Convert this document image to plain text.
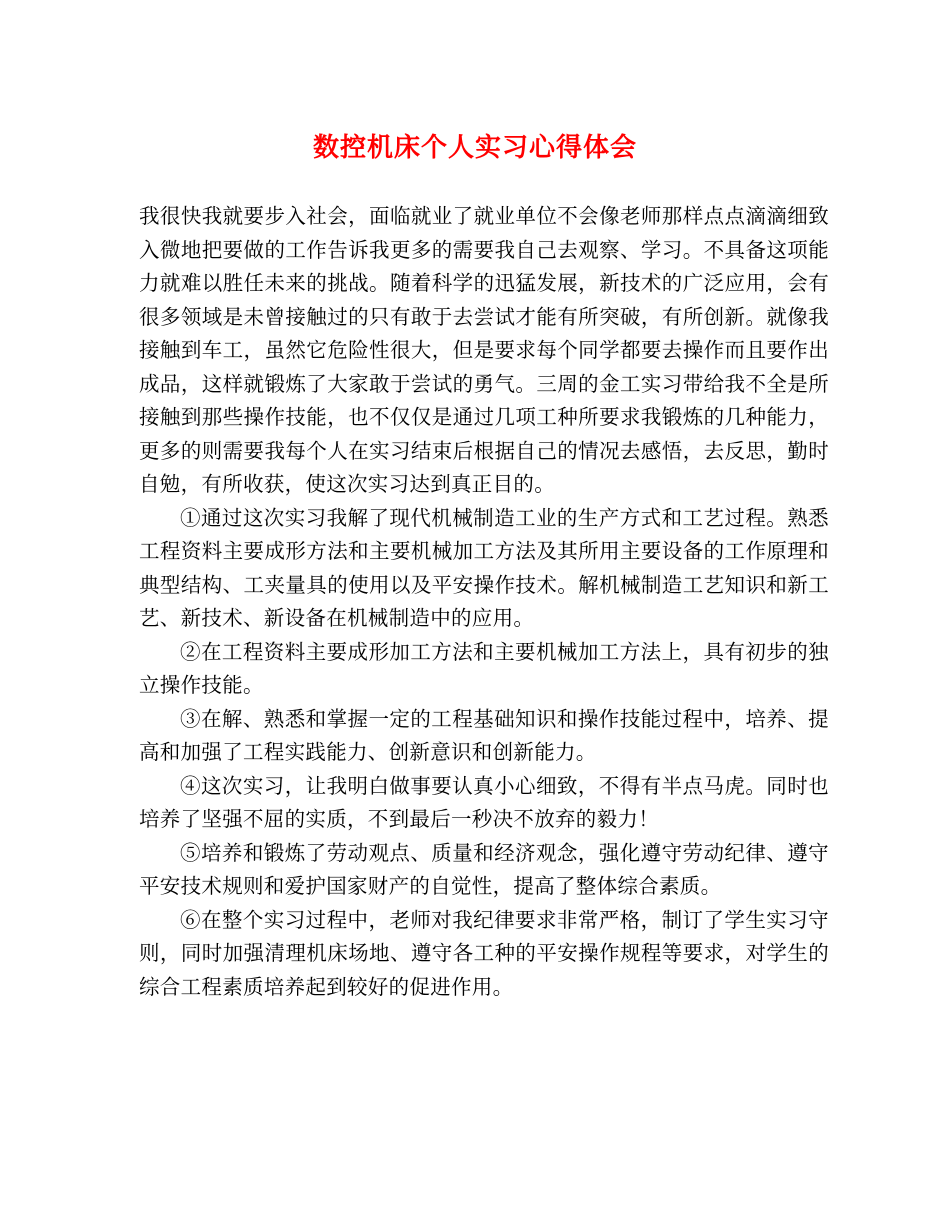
数控机床个人实习心得体会

我很快我就要步入社会，面临就业了就业单位不会像老师那样点点滴滴细致入微地把要做的工作告诉我更多的需要我自己去观察、学习。不具备这项能力就难以胜任未来的挑战。随着科学的迅猛发展，新技术的广泛应用，会有很多领域是未曾接触过的只有敢于去尝试才能有所突破，有所创新。就像我接触到车工，虽然它危险性很大，但是要求每个同学都要去操作而且要作出成品，这样就锻炼了大家敢于尝试的勇气。三周的金工实习带给我不全是所接触到那些操作技能，也不仅仅是通过几项工种所要求我锻炼的几种能力，更多的则需要我每个人在实习结束后根据自己的情况去感悟，去反思，勤时自勉，有所收获，使这次实习达到真正目的。

①通过这次实习我解了现代机械制造工业的生产方式和工艺过程。熟悉工程资料主要成形方法和主要机械加工方法及其所用主要设备的工作原理和典型结构、工夹量具的使用以及平安操作技术。解机械制造工艺知识和新工艺、新技术、新设备在机械制造中的应用。

②在工程资料主要成形加工方法和主要机械加工方法上，具有初步的独立操作技能。

③在解、熟悉和掌握一定的工程基础知识和操作技能过程中，培养、提高和加强了工程实践能力、创新意识和创新能力。

④这次实习，让我明白做事要认真小心细致，不得有半点马虎。同时也培养了坚强不屈的实质，不到最后一秒决不放弃的毅力！

⑤培养和锻炼了劳动观点、质量和经济观念，强化遵守劳动纪律、遵守平安技术规则和爱护国家财产的自觉性，提高了整体综合素质。

⑥在整个实习过程中，老师对我纪律要求非常严格，制订了学生实习守则，同时加强清理机床场地、遵守各工种的平安操作规程等要求，对学生的综合工程素质培养起到较好的促进作用。
